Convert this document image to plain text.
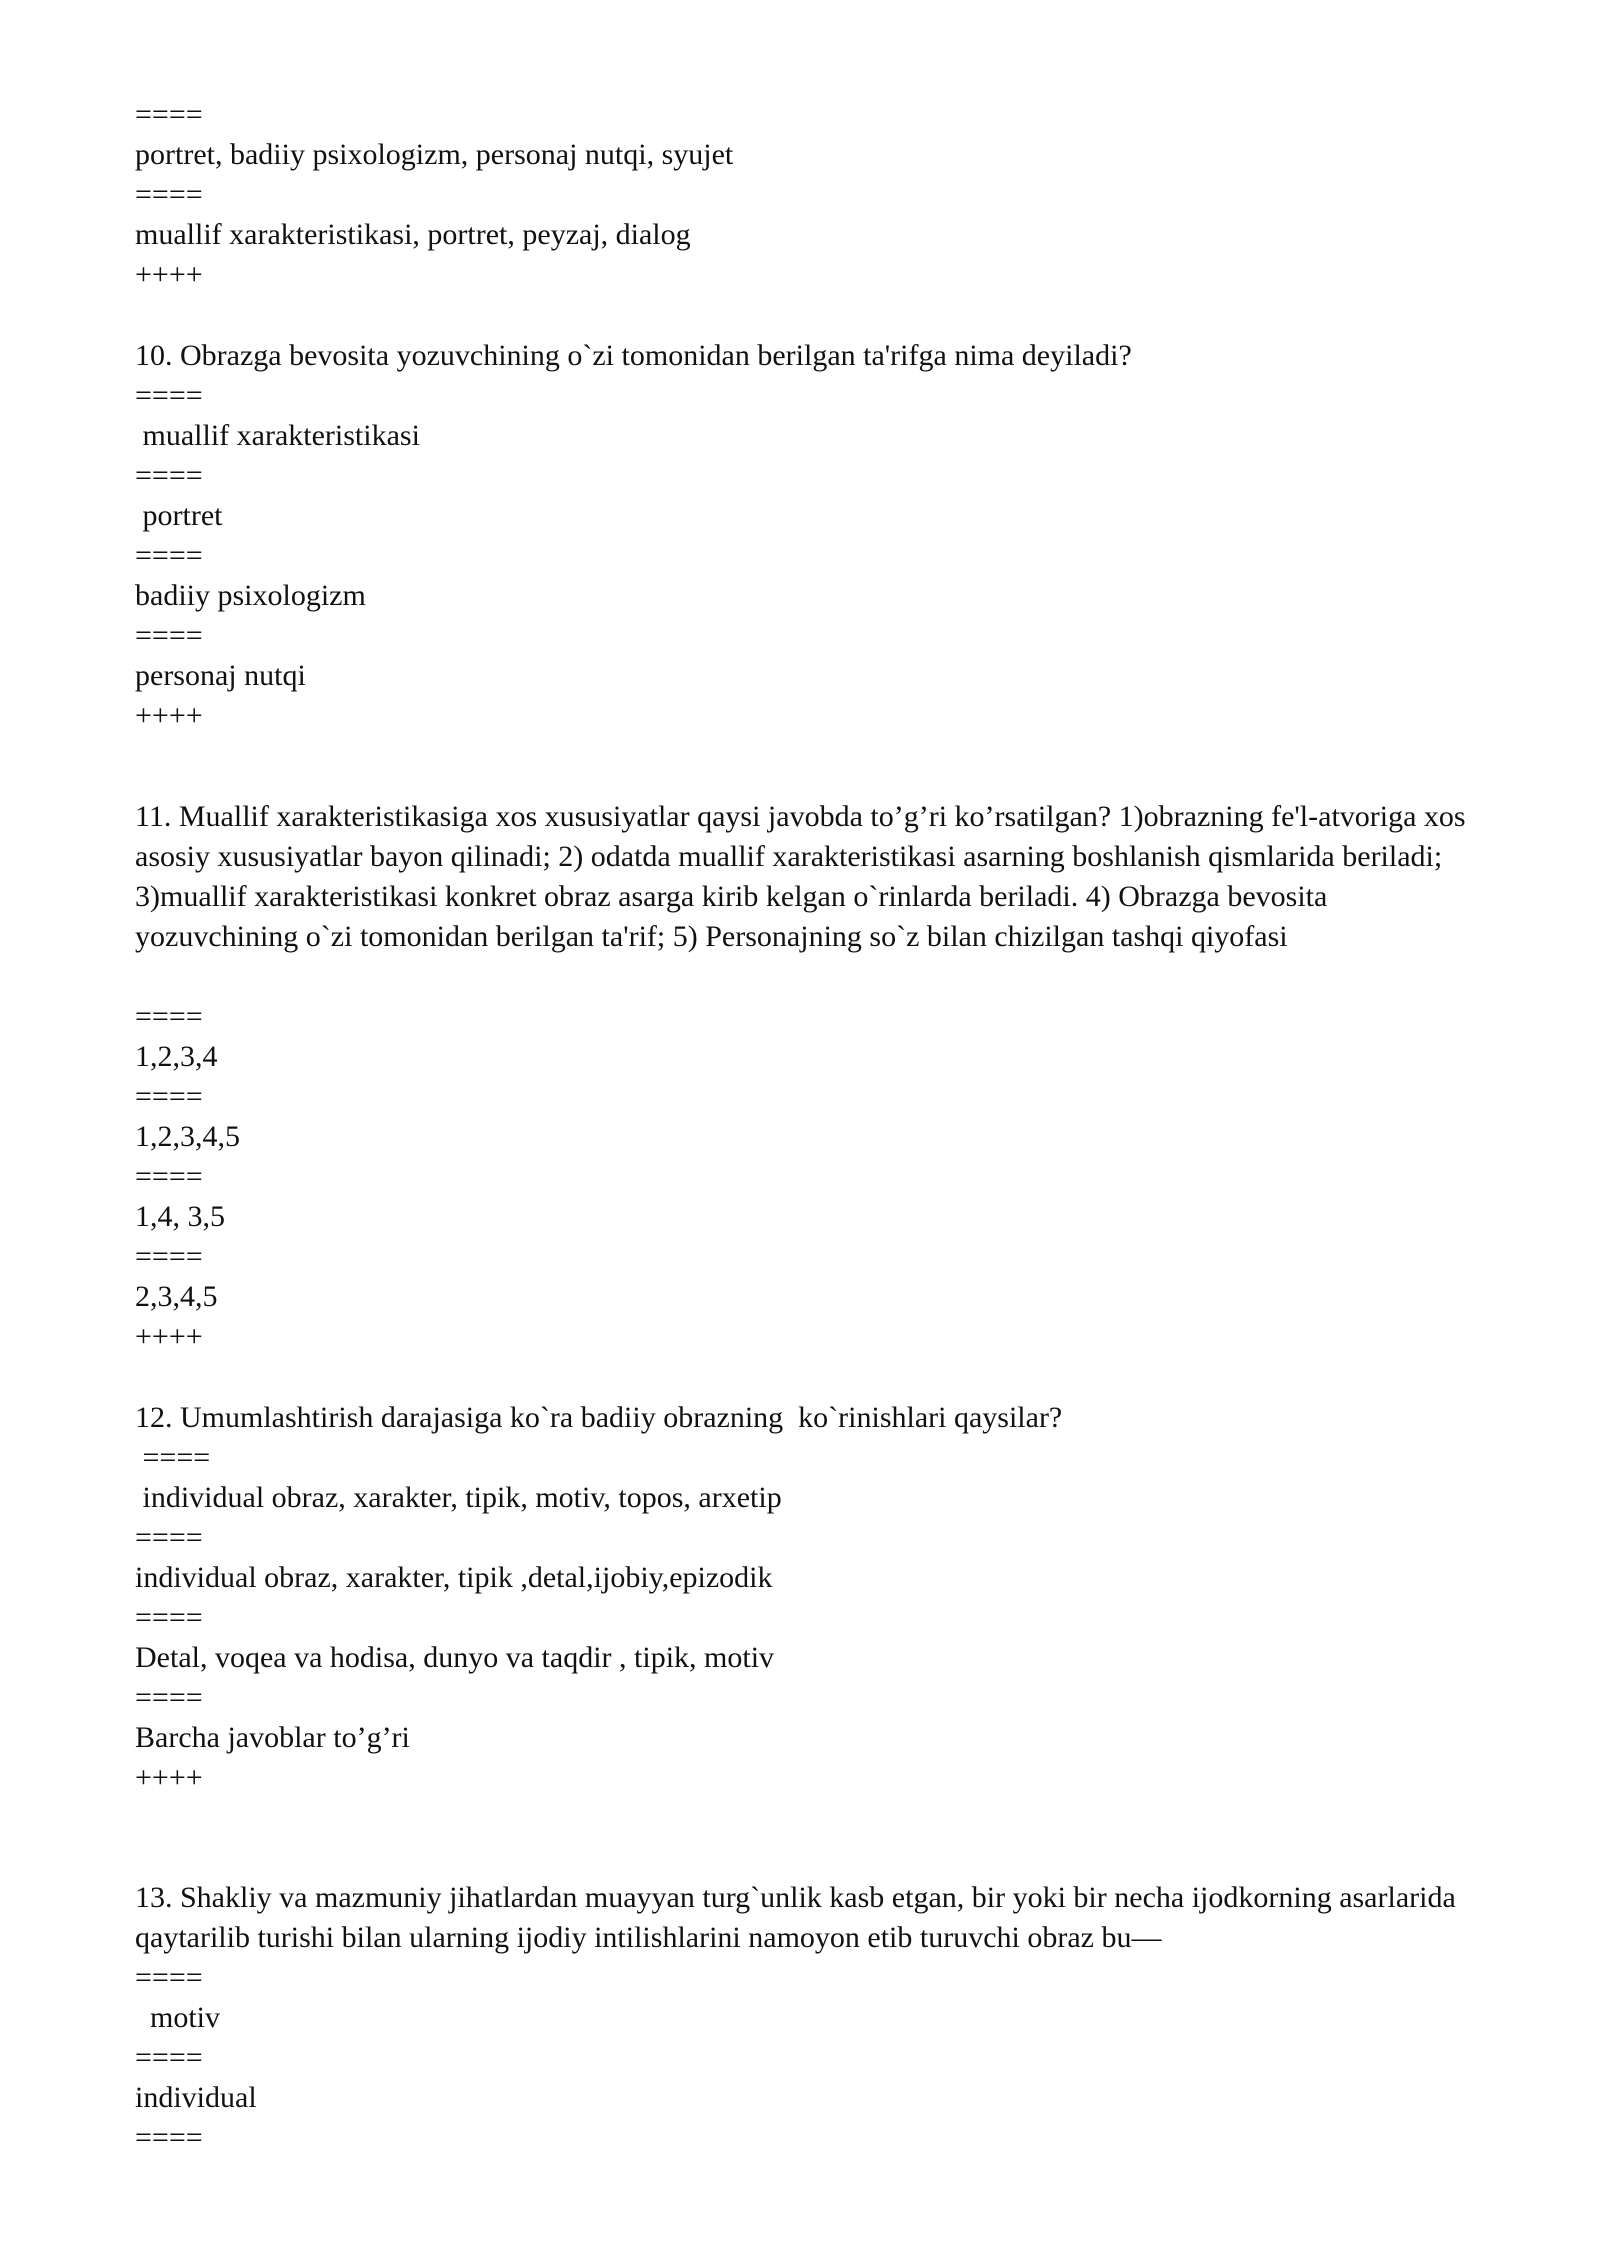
====

portret, badiiy psixologizm, personaj nutqi, syujet

====

muallif xarakteristikasi, portret, peyzaj, dialog

++++

10. Obrazga bevosita yozuvchining o`zi tomonidan berilgan ta'rifga nima deyiladi?

====

muallif xarakteristikasi

====

portret

====

badiiy psixologizm

====

personaj nutqi

++++

11. Muallif xarakteristikasiga xos xususiyatlar qaysi javobda to’g’ri ko’rsatilgan? 1)obrazning fe'l-atvoriga xos asosiy xususiyatlar bayon qilinadi; 2) odatda muallif xarakteristikasi asarning boshlanish qismlarida beriladi; 3)muallif xarakteristikasi konkret obraz asarga kirib kelgan o`rinlarda beriladi. 4) Obrazga bevosita yozuvchining o`zi tomonidan berilgan ta'rif; 5) Personajning so`z bilan chizilgan tashqi qiyofasi

====

1,2,3,4

====

1,2,3,4,5

====

1,4, 3,5

====

2,3,4,5

++++

12. Umumlashtirish darajasiga ko`ra badiiy obrazning  ko`rinishlari qaysilar?

====

individual obraz, xarakter, tipik, motiv, topos, arxetip

====

individual obraz, xarakter, tipik ,detal,ijobiy,epizodik

====

Detal, voqea va hodisa, dunyo va taqdir , tipik, motiv

====

Barcha javoblar to’g’ri

++++

13. Shakliy va mazmuniy jihatlardan muayyan turg`unlik kasb etgan, bir yoki bir necha ijodkorning asarlarida qaytarilib turishi bilan ularning ijodiy intilishlarini namoyon etib turuvchi obraz bu—

====

motiv

====

individual

====
